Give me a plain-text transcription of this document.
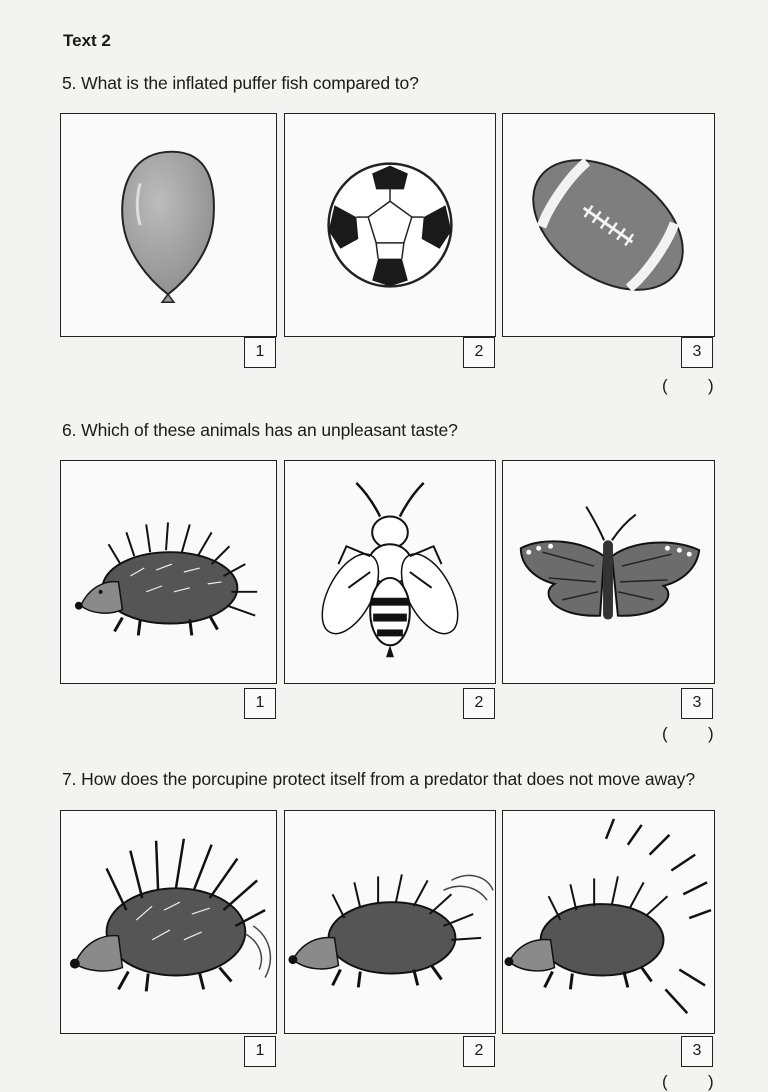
Text 2
5. What is the inflated puffer fish compared to?
1	2	3
( )
6. Which of these animals has an unpleasant taste?
1	2	3
( )
7. How does the porcupine protect itself from a predator that does not move away?
1	2	3
( )
